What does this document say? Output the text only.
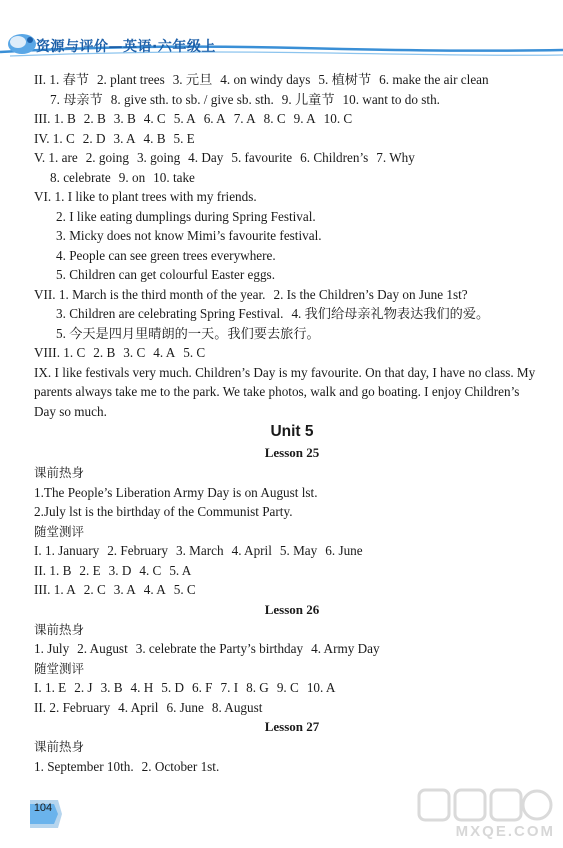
资源与评价—英语·六年级上
II. 1. 春节 2. plant trees 3. 元旦 4. on windy days 5. 植树节 6. make the air clean
7. 母亲节 8. give sth. to sb. / give sb. sth. 9. 儿童节 10. want to do sth.
III. 1. B 2. B 3. B 4. C 5. A 6. A 7. A 8. C 9. A 10. C
IV. 1. C 2. D 3. A 4. B 5. E
V. 1. are 2. going 3. going 4. Day 5. favourite 6. Children’s 7. Why
8. celebrate 9. on 10. take
VI. 1. I like to plant trees with my friends.
2. I like eating dumplings during Spring Festival.
3. Micky does not know Mimi’s favourite festival.
4. People can see green trees everywhere.
5. Children can get colourful Easter eggs.
VII. 1. March is the third month of the year. 2. Is the Children’s Day on June 1st?
3. Children are celebrating Spring Festival. 4. 我们给母亲礼物表达我们的爱。
5. 今天是四月里晴朗的一天。我们要去旅行。
VIII. 1. C 2. B 3. C 4. A 5. C
IX. I like festivals very much. Children’s Day is my favourite. On that day, I have no class. My parents always take me to the park. We take photos, walk and go boating. I enjoy Children’s Day so much.
Unit 5
Lesson 25
课前热身
1.The People’s Liberation Army Day is on August lst.
2.July lst is the birthday of the Communist Party.
随堂测评
I. 1. January 2. February 3. March 4. April 5. May 6. June
II. 1. B 2. E 3. D 4. C 5. A
III. 1. A 2. C 3. A 4. A 5. C
Lesson 26
课前热身
1. July 2. August 3. celebrate the Party’s birthday 4. Army Day
随堂测评
I. 1. E 2. J 3. B 4. H 5. D 6. F 7. I 8. G 9. C 10. A
II. 2. February 4. April 6. June 8. August
Lesson 27
课前热身
1. September 10th. 2. October 1st.
104
MXQE.COM
